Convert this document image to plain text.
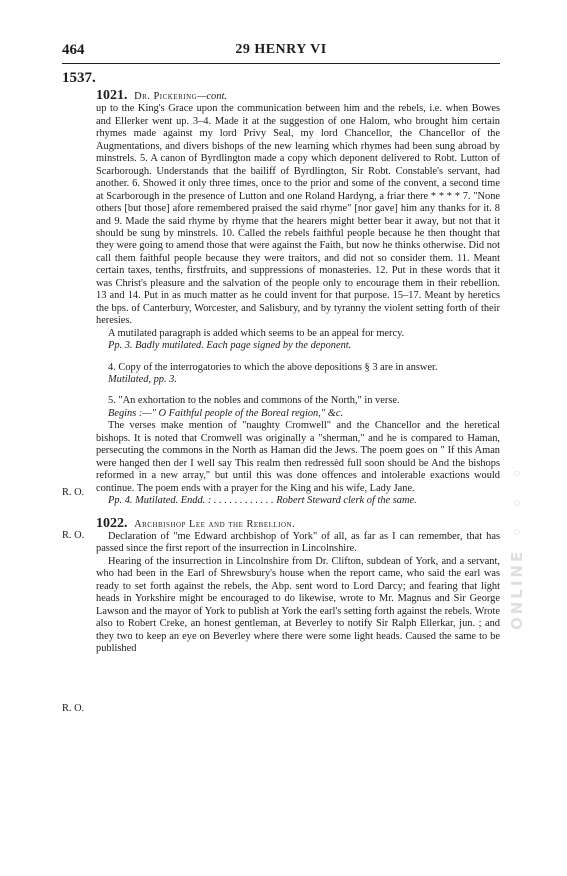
464	29 HENRY VI
1537.
R. O.
R. O.
R. O.
1021. Dr. Pickering—cont.

up to the King's Grace upon the communication between him and the rebels, i.e. when Bowes and Ellerker went up. 3–4. Made it at the suggestion of one Halom, who brought him certain rhymes made against my lord Privy Seal, my lord Chancellor, the Chancellor of the Augmentations, and divers bishops of the new learning which rhymes had been sung abroad by minstrels. 5. A canon of Byrdlington made a copy which deponent delivered to Robt. Lutton of Scarborough. Understands that the bailiff of Byrdlington, Sir Robt. Constable's servant, had another. 6. Showed it only three times, once to the prior and some of the convent, a second time at Scarborough in the presence of Lutton and one Roland Hardyng, a friar there * * * * 7. "None others [but those] afore remembered praised the said rhyme" [nor gave] him any thanks for it. 8 and 9. Made the said rhyme by rhyme that the hearers might better bear it away, but not that it should be sung by minstrels. 10. Called the rebels faithful people because he then thought that they were going to amend those that were against the Faith, but now he thinks otherwise. Did not call them faithful people because they were traitors, and did not so consider them. 11. Meant certain taxes, tenths, firstfruits, and suppressions of monasteries. 12. Put in these words that it was Christ's pleasure and the salvation of the people only to encourage them in their rebellion. 13 and 14. Put in as much matter as he could invent for that purpose. 15–17. Meant by heretics the bps. of Canterbury, Worcester, and Salisbury, and by tyranny the violent setting forth of their heresies.

A mutilated paragraph is added which seems to be an appeal for mercy.

Pp. 3. Badly mutilated. Each page signed by the deponent.

4. Copy of the interrogatories to which the above depositions § 3 are in answer.

Mutilated, pp. 3.

5. "An exhortation to the nobles and commons of the North," in verse.

Begins :—" O Faithful people of the Boreal region," &c.

The verses make mention of "naughty Cromwell" and the Chancellor and the heretical bishops. It is noted that Cromwell was originally a "sherman," and he is compared to Haman, persecuting the commons in the North as Haman did the Jews. The poem goes on " If this Aman were hanged then der I well say This realm then redressèd full soon should be And the bishops reformed in a new array," but until this was done offences and intolerable exactions would continue. The poem ends with a prayer for the King and his wife, Lady Jane.

Pp. 4. Mutilated. Endd. : . . . . . . . . . . . . Robert Steward clerk of the same.

1022. Archbishop Lee and the Rebellion.

Declaration of "me Edward archbishop of York" of all, as far as I can remember, that has passed since the first report of the insurrection in Lincolnshire.

Hearing of the insurrection in Lincolnshire from Dr. Clifton, subdean of York, and a servant, who had been in the Earl of Shrewsbury's house when the report came, who said the earl was ready to set forth against the rebels, the Abp. sent word to Lord Darcy; and fearing that light heads in Yorkshire might be encouraged to do likewise, wrote to Mr. Magnus and Sir George Lawson and the mayor of York to publish at York the earl's setting forth against the rebels. Wrote also to Robert Creke, an honest gentleman, at Beverley to notify Sir Ralph Ellerkar, jun. ; and they two to keep an eye on Beverley where there were some light heads. Caused the same to be published

ONLINE ◦ ◦ ◦
